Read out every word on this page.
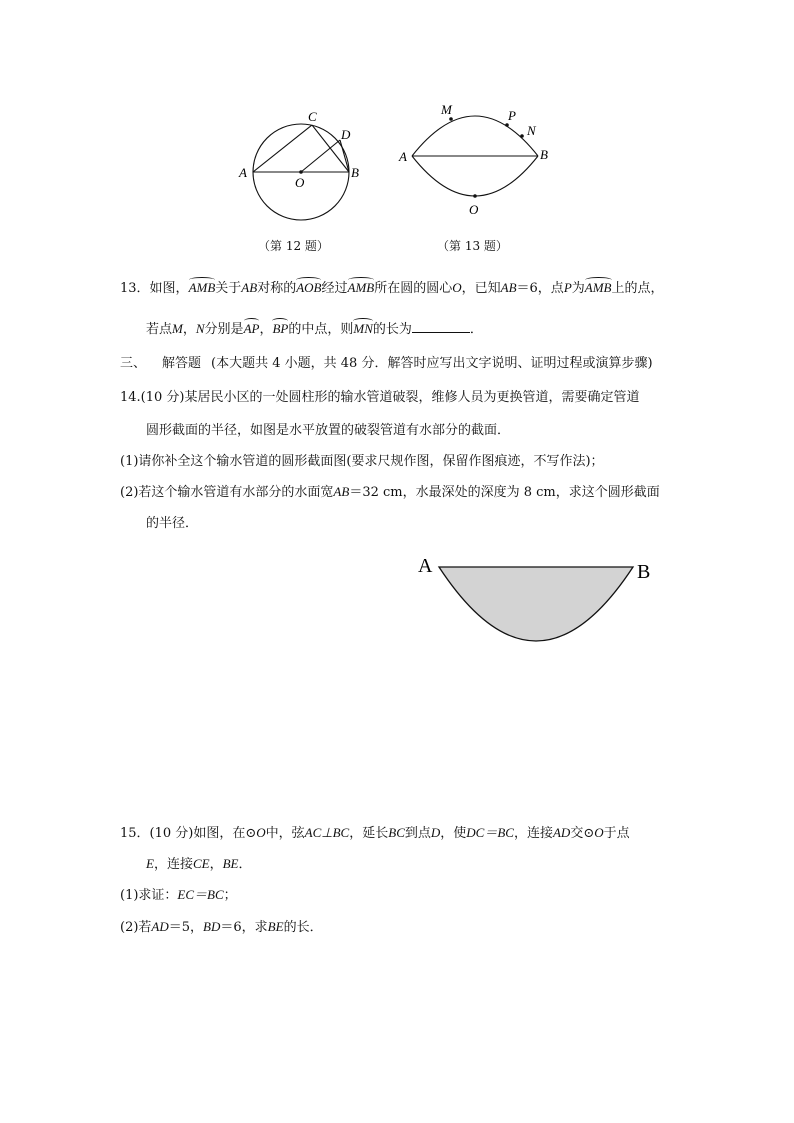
A	B
C
D
O
（第 12 题）
A	B
M	P
N
O
（第 13 题）
13．如图，AMB关于AB对称的AOB经过AMB所在圆的圆心O，已知AB＝6，点P为AMB上的点，
若点M，N分别是AP，BP的中点，则MN的长为	．
三、 解答题 (本大题共 4 小题，共 48 分．解答时应写出文字说明、证明过程或演算步骤)
14.(10 分)某居民小区的一处圆柱形的输水管道破裂，维修人员为更换管道，需要确定管道
圆形截面的半径，如图是水平放置的破裂管道有水部分的截面．
(1)请你补全这个输水管道的圆形截面图(要求尺规作图，保留作图痕迹，不写作法)；
(2)若这个输水管道有水部分的水面宽AB＝32 cm，水最深处的深度为 8 cm，求这个圆形截面
的半径．
A	B
15．(10 分)如图，在⊙O中，弦AC⊥BC，延长BC到点D，使DC＝BC，连接AD交⊙O于点
E，连接CE，BE．
(1)求证：EC＝BC；
(2)若AD＝5，BD＝6，求BE的长．
